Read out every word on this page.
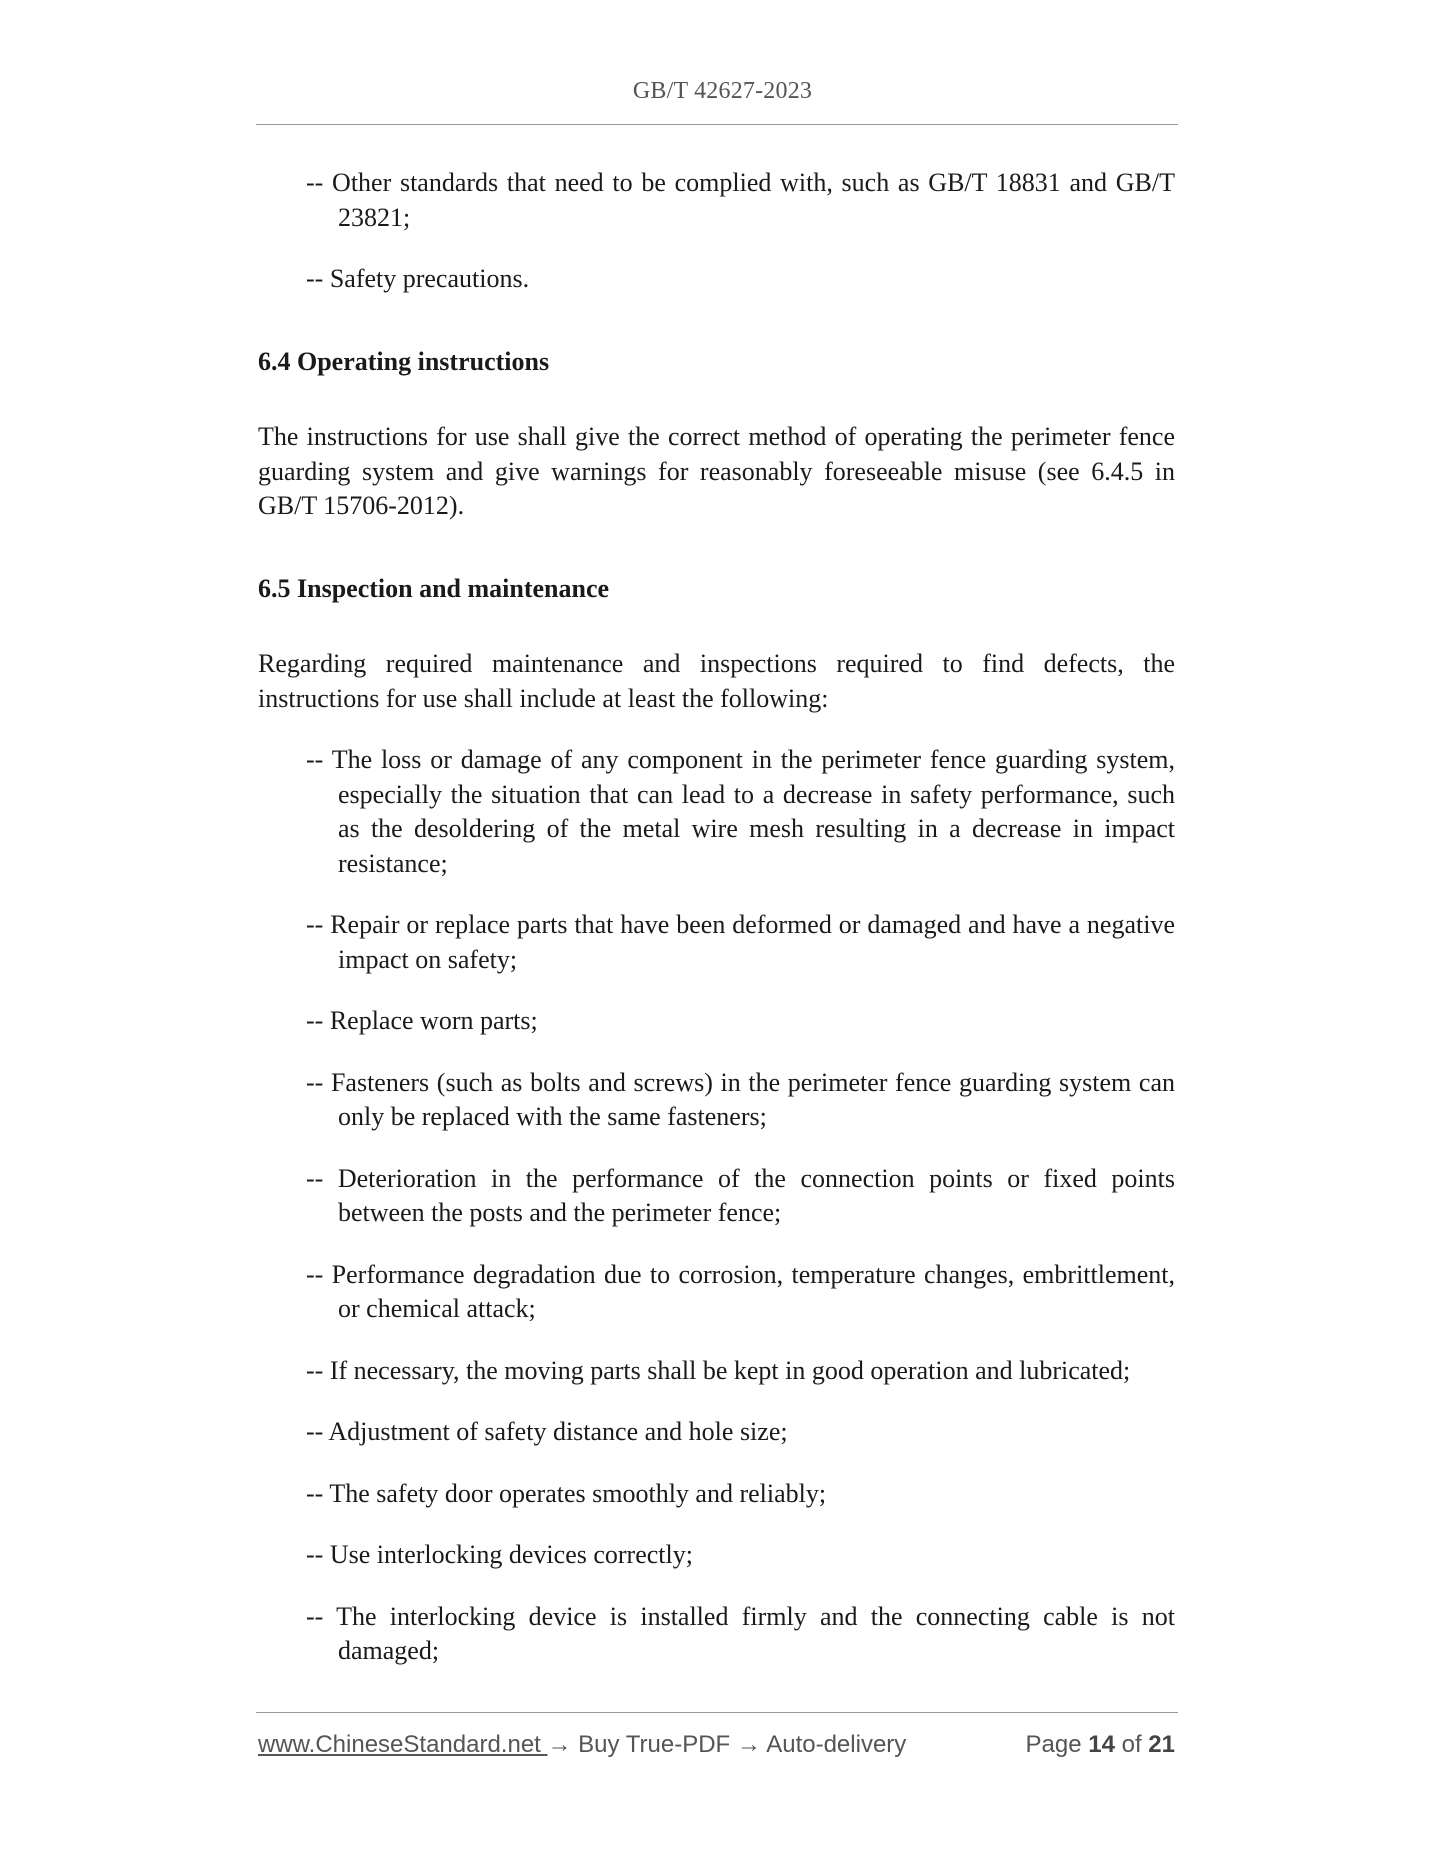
GB/T 42627-2023

-- Other standards that need to be complied with, such as GB/T 18831 and GB/T 23821;

-- Safety precautions.

6.4 Operating instructions

The instructions for use shall give the correct method of operating the perimeter fence guarding system and give warnings for reasonably foreseeable misuse (see 6.4.5 in GB/T 15706-2012).

6.5 Inspection and maintenance

Regarding required maintenance and inspections required to find defects, the instructions for use shall include at least the following:

-- The loss or damage of any component in the perimeter fence guarding system, especially the situation that can lead to a decrease in safety performance, such as the desoldering of the metal wire mesh resulting in a decrease in impact resistance;

-- Repair or replace parts that have been deformed or damaged and have a negative impact on safety;

-- Replace worn parts;

-- Fasteners (such as bolts and screws) in the perimeter fence guarding system can only be replaced with the same fasteners;

-- Deterioration in the performance of the connection points or fixed points between the posts and the perimeter fence;

-- Performance degradation due to corrosion, temperature changes, embrittlement, or chemical attack;

-- If necessary, the moving parts shall be kept in good operation and lubricated;

-- Adjustment of safety distance and hole size;

-- The safety door operates smoothly and reliably;

-- Use interlocking devices correctly;

-- The interlocking device is installed firmly and the connecting cable is not damaged;

www.ChineseStandard.net → Buy True-PDF → Auto-delivery	Page 14 of 21
